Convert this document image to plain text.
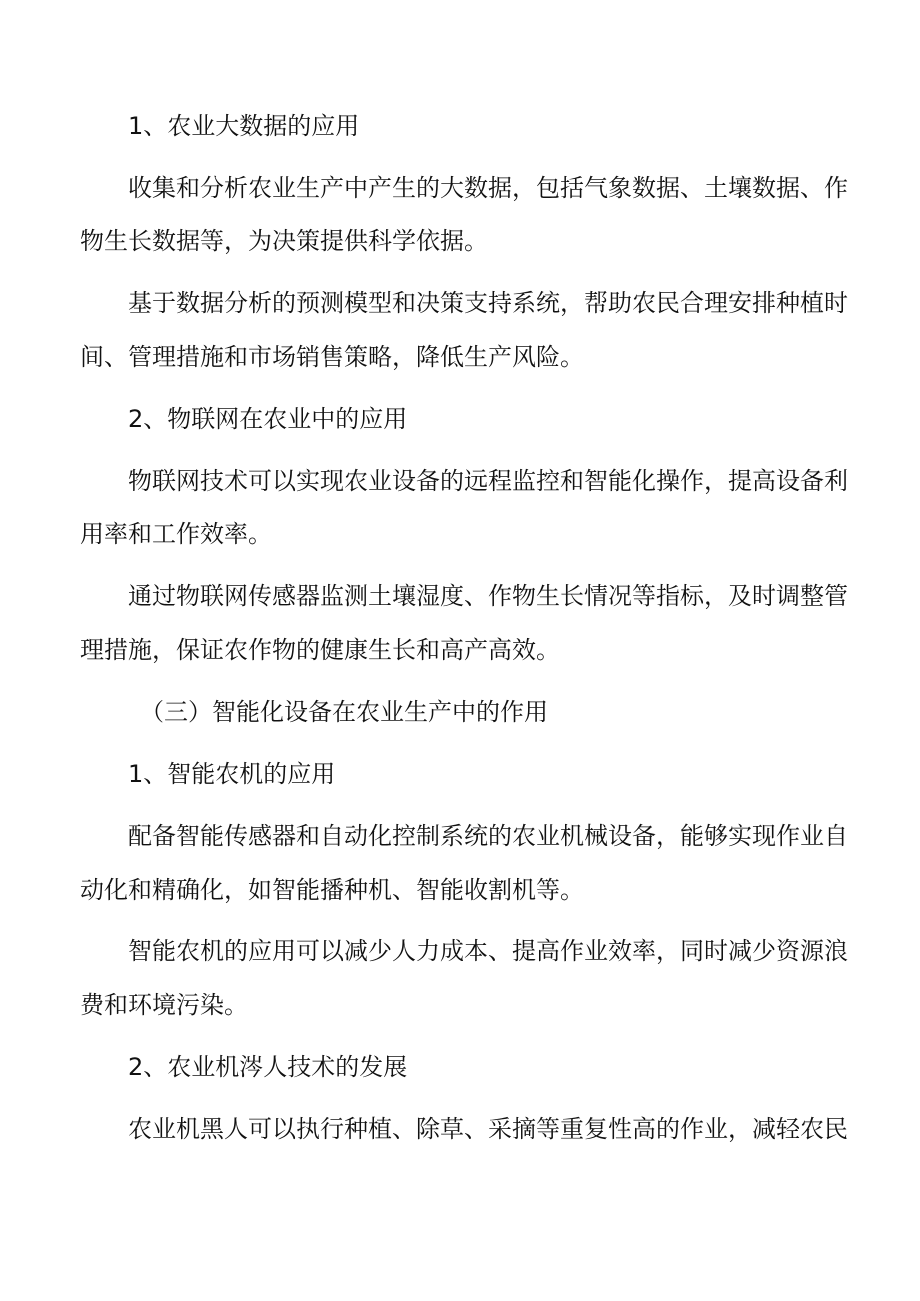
1、农业大数据的应用
收集和分析农业生产中产生的大数据，包括气象数据、土壤数据、作
物生长数据等，为决策提供科学依据。
基于数据分析的预测模型和决策支持系统，帮助农民合理安排种植时
间、管理措施和市场销售策略，降低生产风险。
2、物联网在农业中的应用
物联网技术可以实现农业设备的远程监控和智能化操作，提高设备利
用率和工作效率。
通过物联网传感器监测土壤湿度、作物生长情况等指标，及时调整管
理措施，保证农作物的健康生长和高产高效。
（三）智能化设备在农业生产中的作用
1、智能农机的应用
配备智能传感器和自动化控制系统的农业机械设备，能够实现作业自
动化和精确化，如智能播种机、智能收割机等。
智能农机的应用可以减少人力成本、提高作业效率，同时减少资源浪
费和环境污染。
2、农业机涔人技术的发展
农业机黑人可以执行种植、除草、采摘等重复性高的作业，减轻农民
